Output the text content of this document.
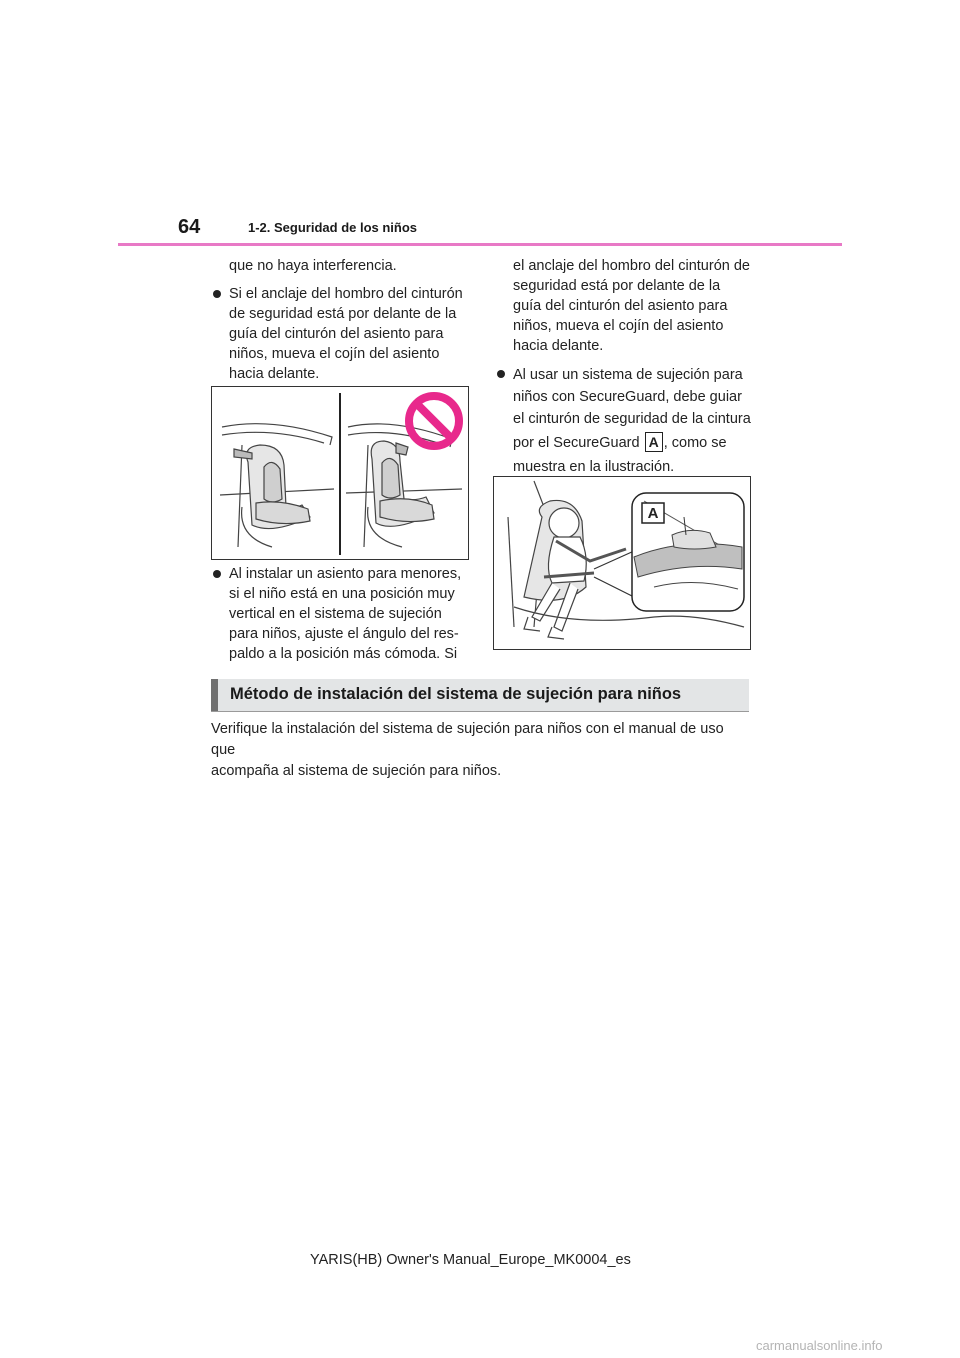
64	1-2. Seguridad de los niños

que no haya interferencia.

Si el anclaje del hombro del cinturón

de seguridad está por delante de la

guía del cinturón del asiento para

niños, mueva el cojín del asiento

hacia delante.

Al instalar un asiento para menores,

si el niño está en una posición muy

vertical en el sistema de sujeción

para niños, ajuste el ángulo del res-

paldo a la posición más cómoda. Si

el anclaje del hombro del cinturón de

seguridad está por delante de la

guía del cinturón del asiento para

niños, mueva el cojín del asiento

hacia delante.

Al usar un sistema de sujeción para

niños con SecureGuard, debe guiar

el cinturón de seguridad de la cintura

por el SecureGuard A , como se

muestra en la ilustración.

A
Método de instalación del sistema de sujeción para niños
Verifique la instalación del sistema de sujeción para niños con el manual de uso que
acompaña al sistema de sujeción para niños.
YARIS(HB) Owner's Manual_Europe_MK0004_es
carmanualsonline.info
